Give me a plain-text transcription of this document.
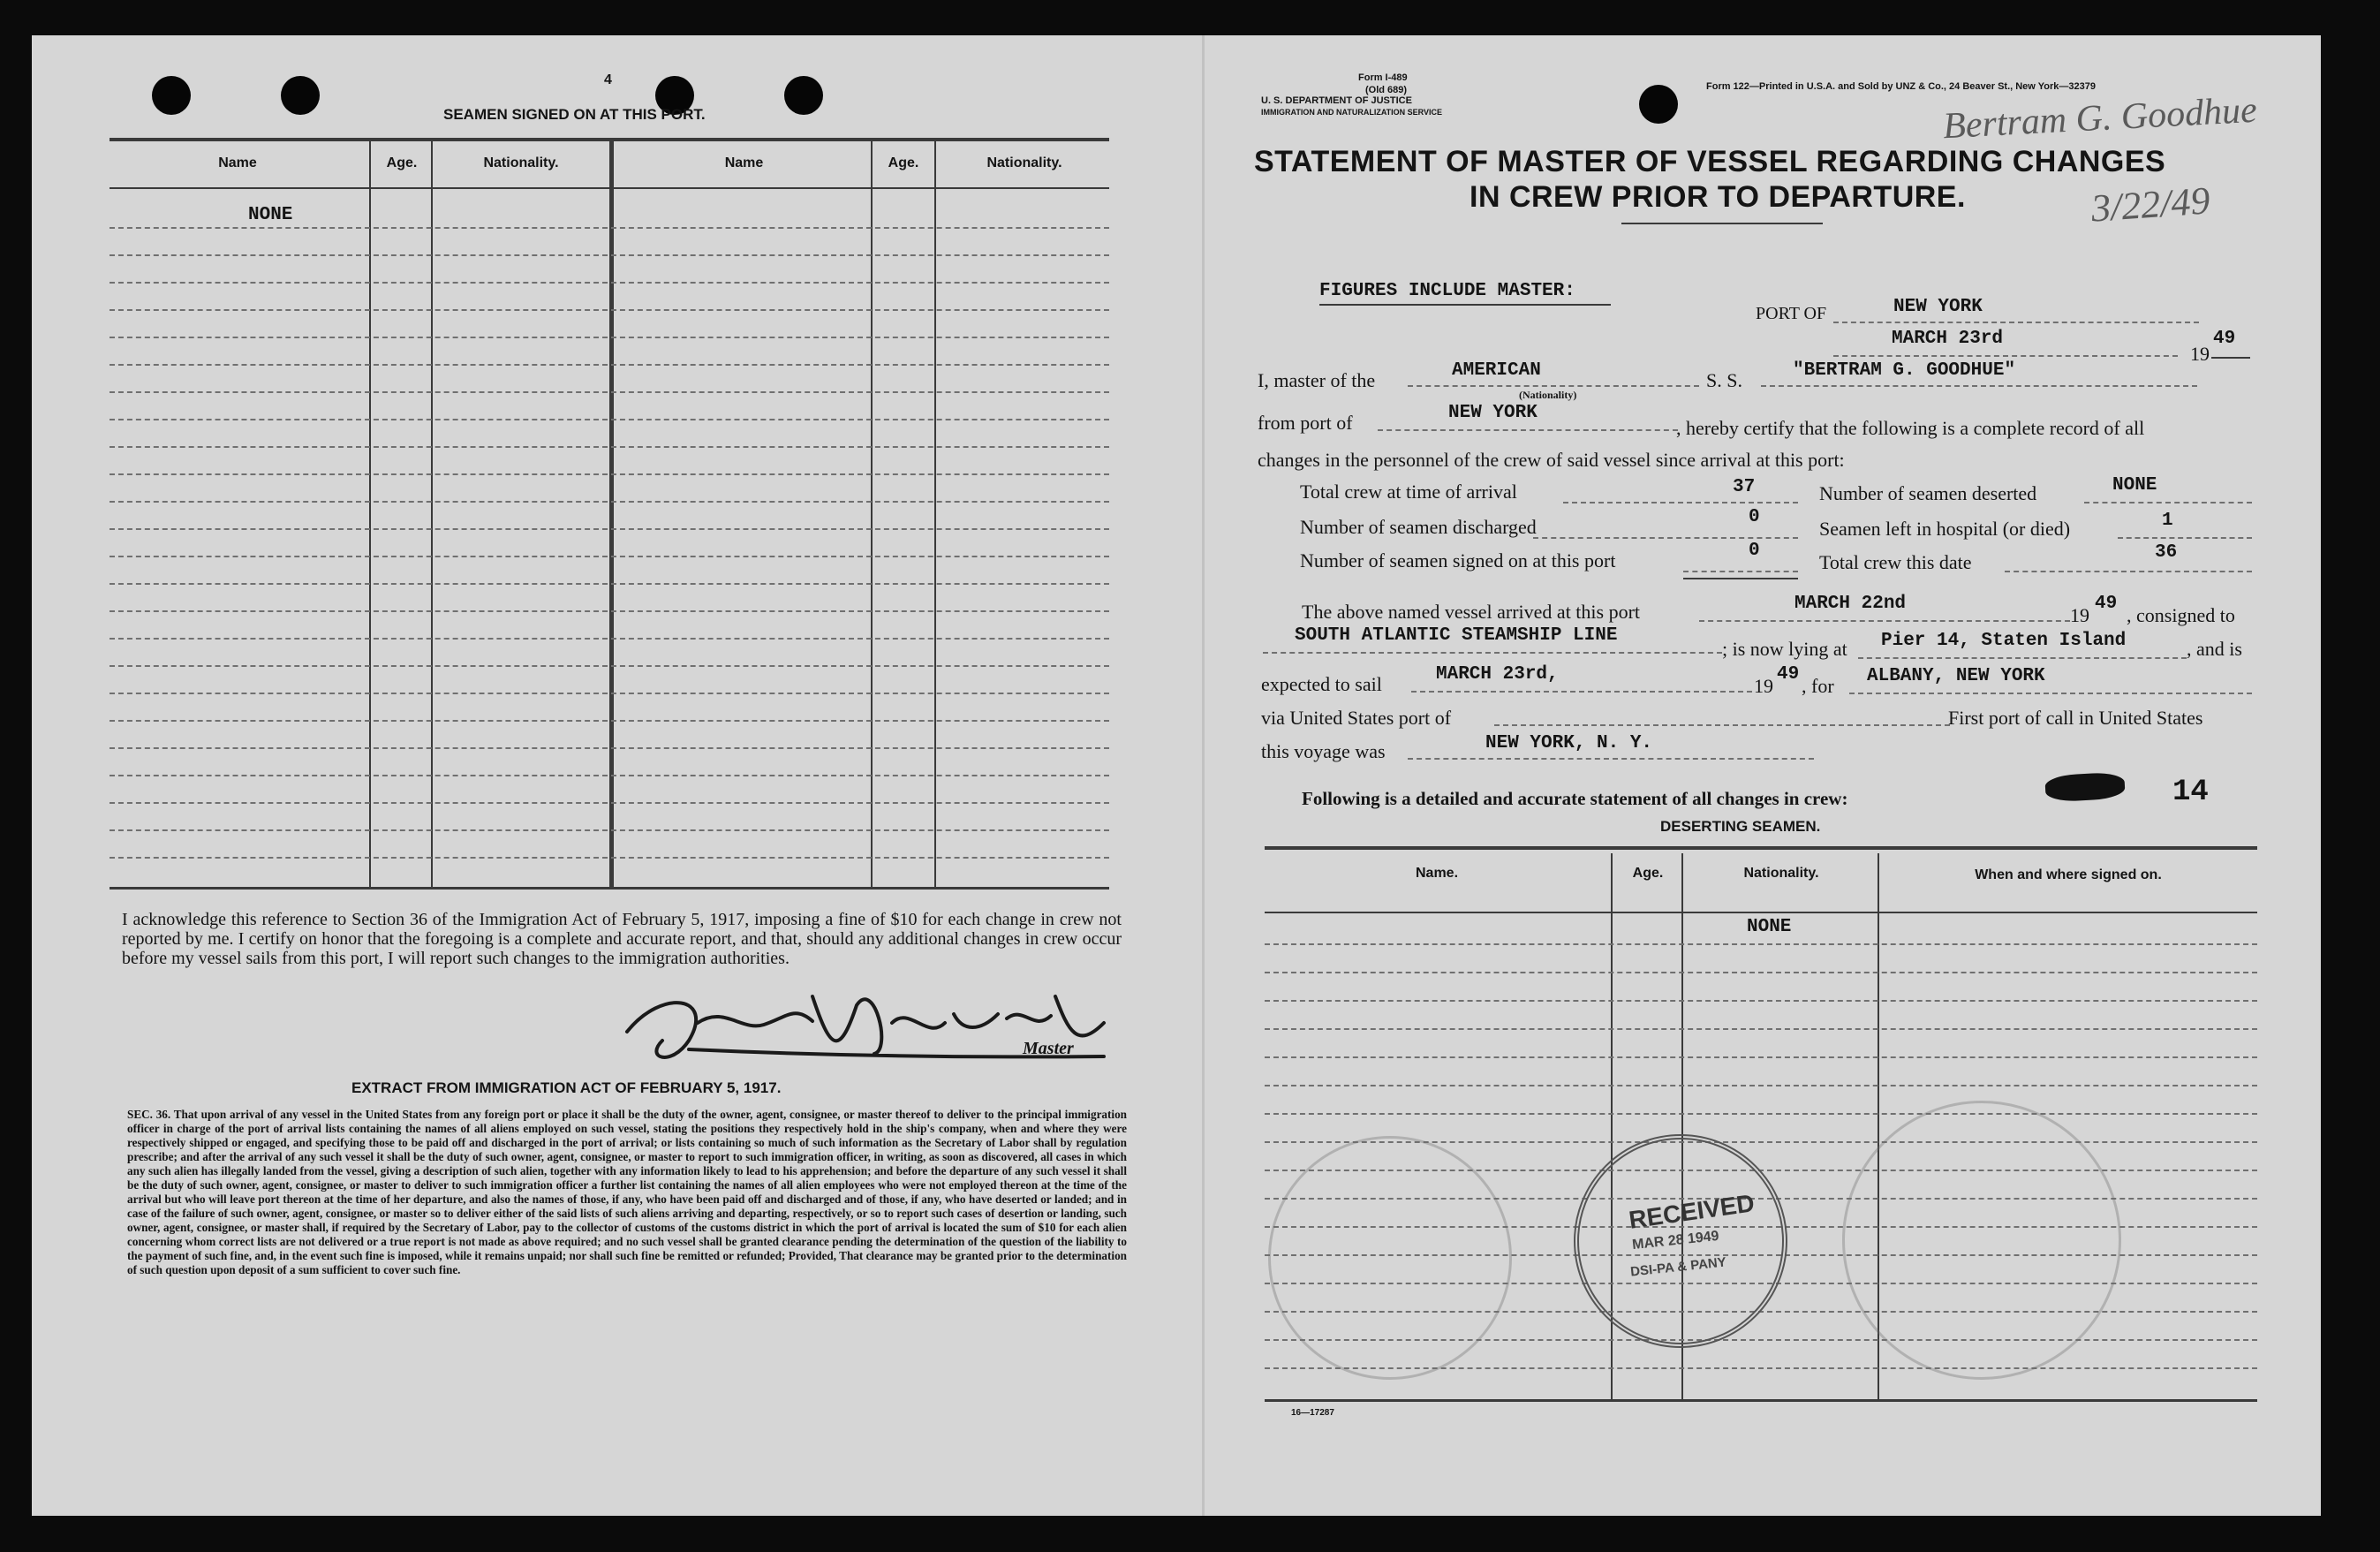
4
SEAMEN SIGNED ON AT THIS PORT.
Name	Age.	Nationality.	Name	Age.	Nationality.
NONE

I acknowledge this reference to Section 36 of the Immigration Act of February 5, 1917, imposing a fine of $10 for each change in crew not reported by me. I certify on honor that the foregoing is a complete and accurate report, and that, should any additional changes in crew occur before my vessel sails from this port, I will report such changes to the immigration authorities.

Master
EXTRACT FROM IMMIGRATION ACT OF FEBRUARY 5, 1917.
SEC. 36. That upon arrival of any vessel in the United States from any foreign port or place it shall be the duty of the owner, agent, consignee, or master thereof to deliver to the principal immigration officer in charge of the port of arrival lists containing the names of all aliens employed on such vessel, stating the positions they respectively hold in the ship's company, when and where they were respectively shipped or engaged, and specifying those to be paid off and discharged in the port of arrival; or lists containing so much of such information as the Secretary of Labor shall by regulation prescribe; and after the arrival of any such vessel it shall be the duty of such owner, agent, consignee, or master to report to such immigration officer, in writing, as soon as discovered, all cases in which any such alien has illegally landed from the vessel, giving a description of such alien, together with any information likely to lead to his apprehension; and before the departure of any such vessel it shall be the duty of such owner, agent, consignee, or master to deliver to such immigration officer a further list containing the names of all alien employees who were not employed thereon at the time of the arrival but who will leave port thereon at the time of her departure, and also the names of those, if any, who have been paid off and discharged and of those, if any, who have deserted or landed; and in case of the failure of such owner, agent, consignee, or master so to deliver either of the said lists of such aliens arriving and departing, respectively, or so to report such cases of desertion or landing, such owner, agent, consignee, or master shall, if required by the Secretary of Labor, pay to the collector of customs of the customs district in which the port of arrival is located the sum of $10 for each alien concerning whom correct lists are not delivered or a true report is not made as above required; and no such vessel shall be granted clearance pending the determination of the question of the liability to the payment of such fine, and, in the event such fine is imposed, while it remains unpaid; nor shall such fine be remitted or refunded; Provided, That clearance may be granted prior to the determination of such question upon deposit of a sum sufficient to cover such fine.
Form I-489
(Old 689)
U. S. DEPARTMENT OF JUSTICE
IMMIGRATION AND NATURALIZATION SERVICE
Form 122—Printed in U.S.A. and Sold by UNZ & Co., 24 Beaver St., New York—32379
Bertram G. Goodhue
3/22/49
STATEMENT OF MASTER OF VESSEL REGARDING CHANGES
IN CREW PRIOR TO DEPARTURE.
FIGURES INCLUDE MASTER:
PORT OF	NEW YORK
MARCH 23rd
19
49
I, master of the	AMERICAN
(Nationality)
S. S.	"BERTRAM G. GOODHUE"
from port of	NEW YORK
, hereby certify that the following is a complete record of all
changes in the personnel of the crew of said vessel since arrival at this port:
Total crew at time of arrival	37
Number of seamen discharged	0
Number of seamen signed on at this port	0
Number of seamen deserted	NONE
Seamen left in hospital (or died)	1
Total crew this date	36
The above named vessel arrived at this port	MARCH 22nd
19
49
, consigned to
SOUTH ATLANTIC STEAMSHIP LINE
; is now lying at Pier 14, Staten Island	, and is
expected to sail	MARCH 23rd,
19
49
, for ALBANY, NEW YORK
via United States port of	First port of call in United States
this voyage was	NEW YORK, N. Y.
Following is a detailed and accurate statement of all changes in crew:	14
DESERTING SEAMEN.
Name.	Age.	Nationality.	When and where signed on.
NONE
RECEIVED
MAR 28 1949
DSI-PA & PANY
16—17287
